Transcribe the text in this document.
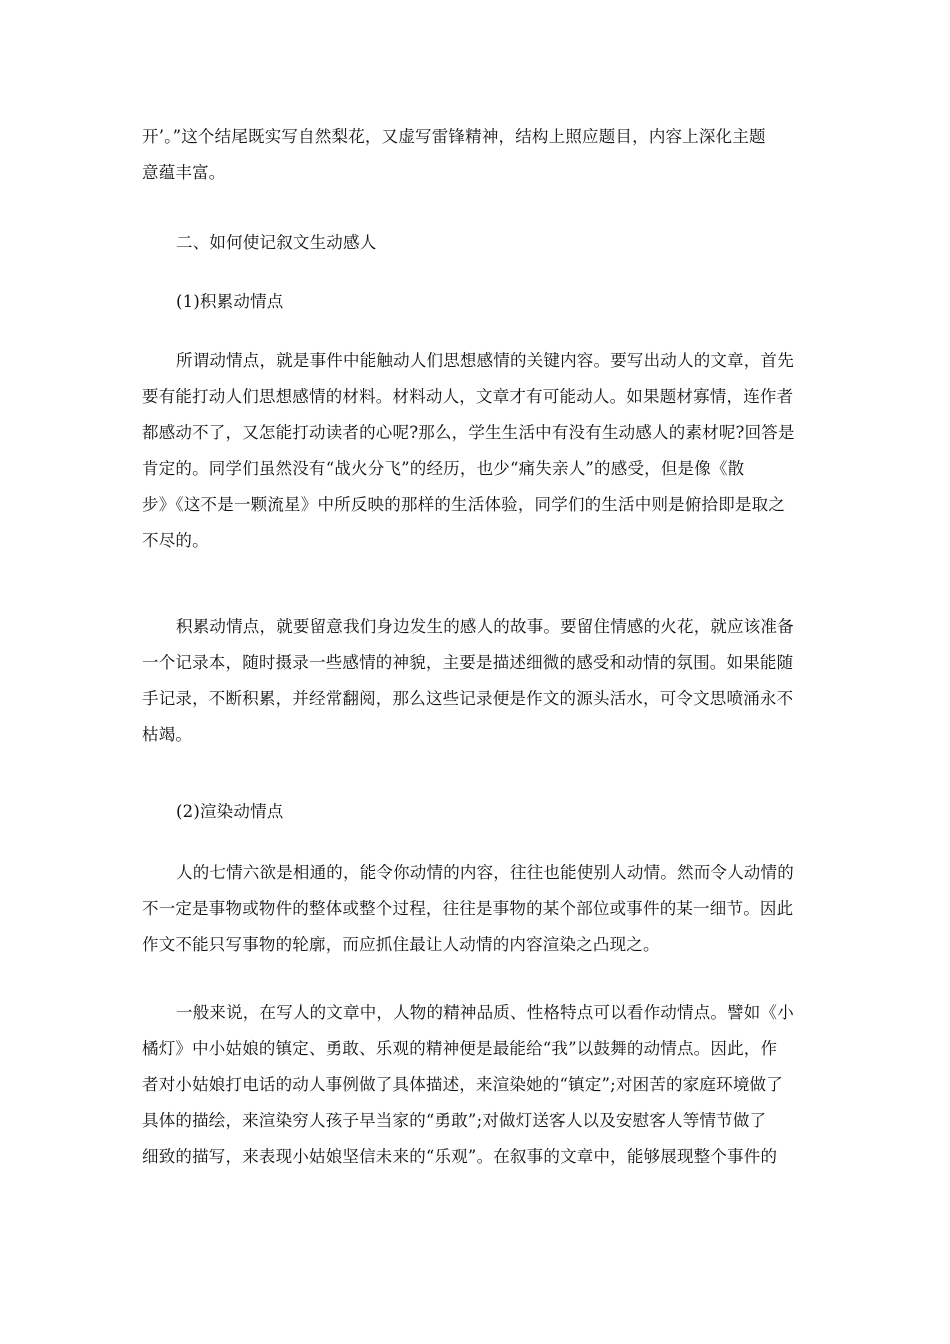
开’。”这个结尾既实写自然梨花，又虚写雷锋精神，结构上照应题目，内容上深化主题
意蕴丰富。
二、如何使记叙文生动感人
(1)积累动情点
所谓动情点，就是事件中能触动人们思想感情的关键内容。要写出动人的文章，首先
要有能打动人们思想感情的材料。材料动人，文章才有可能动人。如果题材寡情，连作者
都感动不了，又怎能打动读者的心呢?那么，学生生活中有没有生动感人的素材呢?回答是
肯定的。同学们虽然没有“战火分飞”的经历，也少“痛失亲人”的感受，但是像《散
步》《这不是一颗流星》中所反映的那样的生活体验，同学们的生活中则是俯拾即是取之
不尽的。
积累动情点，就要留意我们身边发生的感人的故事。要留住情感的火花，就应该准备
一个记录本，随时摄录一些感情的神貌，主要是描述细微的感受和动情的氛围。如果能随
手记录，不断积累，并经常翻阅，那么这些记录便是作文的源头活水，可令文思喷涌永不
枯竭。
(2)渲染动情点
人的七情六欲是相通的，能令你动情的内容，往往也能使别人动情。然而令人动情的
不一定是事物或物件的整体或整个过程，往往是事物的某个部位或事件的某一细节。因此
作文不能只写事物的轮廓，而应抓住最让人动情的内容渲染之凸现之。
一般来说，在写人的文章中，人物的精神品质、性格特点可以看作动情点。譬如《小
橘灯》中小姑娘的镇定、勇敢、乐观的精神便是最能给“我”以鼓舞的动情点。因此，作
者对小姑娘打电话的动人事例做了具体描述，来渲染她的“镇定”;对困苦的家庭环境做了
具体的描绘，来渲染穷人孩子早当家的“勇敢”;对做灯送客人以及安慰客人等情节做了
细致的描写，来表现小姑娘坚信未来的“乐观”。在叙事的文章中，能够展现整个事件的
